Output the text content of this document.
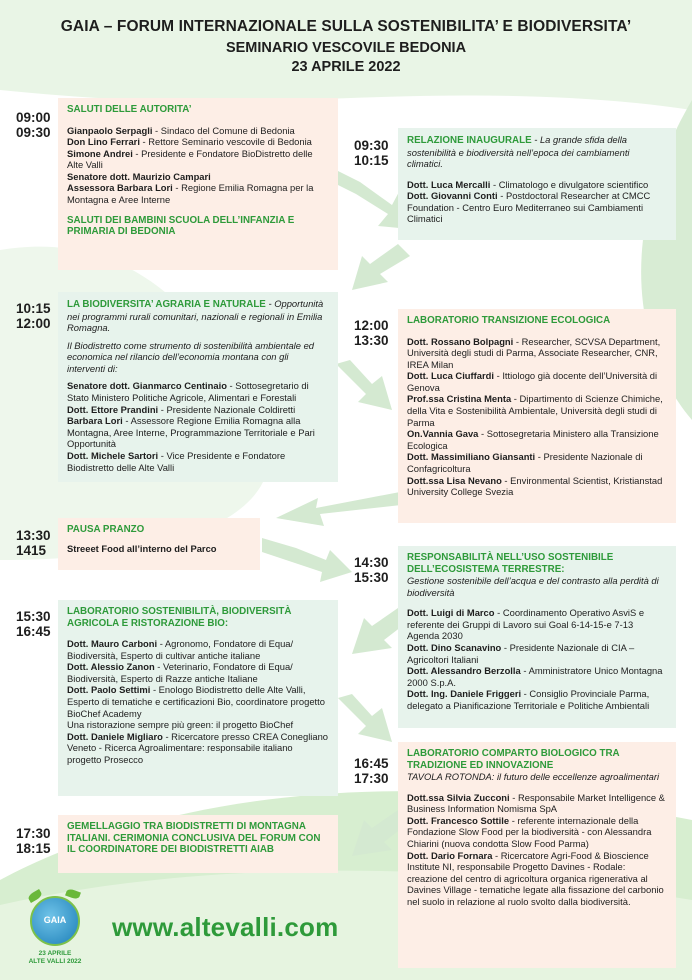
GAIA – FORUM INTERNAZIONALE SULLA SOSTENIBILITA’ E BIODIVERSITA’
SEMINARIO VESCOVILE BEDONIA
23 APRILE 2022
09:00
09:30
SALUTI DELLE AUTORITA’
Gianpaolo Serpagli - Sindaco del Comune di Bedonia
Don Lino Ferrari - Rettore Seminario vescovile di Bedonia
Simone Andrei - Presidente e Fondatore BioDistretto delle Alte Valli
Senatore dott. Maurizio Campari
Assessora Barbara Lori - Regione Emilia Romagna per la Montagna e Aree Interne
SALUTI DEI BAMBINI SCUOLA DELL’INFANZIA E PRIMARIA DI BEDONIA
09:30
10:15
RELAZIONE INAUGURALE - La grande sfida della sostenibilità e biodiversità nell’epoca dei cambiamenti climatici.
Dott. Luca Mercalli - Climatologo e divulgatore scientifico
Dott. Giovanni Conti - Postdoctoral Researcher at CMCC Foundation - Centro Euro Mediterraneo sui Cambiamenti Climatici
10:15
12:00
LA BIODIVERSITA’ AGRARIA E NATURALE - Opportunità nei programmi rurali comunitari, nazionali e regionali in Emilia Romagna.
Il Biodistretto come strumento di sostenibilità ambientale ed economica nel rilancio dell’economia montana con gli interventi di:
Senatore dott. Gianmarco Centinaio - Sottosegretario di Stato Ministero Politiche Agricole, Alimentari e Forestali
Dott. Ettore Prandini - Presidente Nazionale Coldiretti
Barbara Lori - Assessore Regione Emilia Romagna alla Montagna, Aree Interne, Programmazione Territoriale e Pari Opportunità
Dott. Michele Sartori - Vice Presidente e Fondatore Biodistretto delle Alte Valli
12:00
13:30
LABORATORIO TRANSIZIONE ECOLOGICA
Dott. Rossano Bolpagni - Researcher, SCVSA Department, Università degli studi di Parma, Associate Researcher, CNR, IREA Milan
Dott. Luca Ciuffardi - Ittiologo già docente dell’Università di Genova
Prof.ssa Cristina Menta - Dipartimento di Scienze Chimiche, della Vita e Sostenibilità Ambientale, Università degli studi di Parma
On.Vannia Gava - Sottosegretaria Ministero alla Transizione Ecologica
Dott. Massimiliano Giansanti - Presidente Nazionale di Confagricoltura
Dott.ssa Lisa Nevano - Environmental Scientist, Kristianstad University College Svezia
13:30
1415
PAUSA PRANZO
Streeet Food all’interno del Parco
14:30
15:30
RESPONSABILITÀ NELL’USO SOSTENIBILE DELL’ECOSISTEMA TERRESTRE:
Gestione sostenibile dell’acqua e del contrasto alla perdità di biodiversità
Dott. Luigi di Marco - Coordinamento Operativo AsviS e referente dei Gruppi di Lavoro sui Goal 6-14-15-e 7-13 Agenda 2030
Dott. Dino Scanavino - Presidente Nazionale di CIA – Agricoltori Italiani
Dott. Alessandro Berzolla - Amministratore Unico Montagna 2000 S.p.A.
Dott. Ing. Daniele Friggeri - Consiglio Provinciale Parma, delegato a Pianificazione Territoriale e Politiche Ambientali
15:30
16:45
LABORATORIO SOSTENIBILITÀ, BIODIVERSITÀ AGRICOLA E RISTORAZIONE BIO:
Dott. Mauro Carboni - Agronomo, Fondatore di Equa/ Biodiversità, Esperto di cultivar antiche italiane
Dott. Alessio Zanon - Veterinario, Fondatore di Equa/ Biodiversità, Esperto di Razze antiche Italiane
Dott. Paolo Settimi - Enologo Biodistretto delle Alte Valli, Esperto di tematiche e certificazioni Bio, coordinatore progetto BioChef Academy
Una ristorazione sempre più green: il progetto BioChef
Dott. Daniele Migliaro - Ricercatore presso CREA Conegliano Veneto - Ricerca Agroalimentare: responsabile italiano progetto Prosecco	16:45
17:30
LABORATORIO COMPARTO BIOLOGICO TRA TRADIZIONE ED INNOVAZIONE
TAVOLA ROTONDA: il futuro delle eccellenze agroalimentari
Dott.ssa Silvia Zucconi - Responsabile Market Intelligence & Business Information Nomisma SpA
Dott. Francesco Sottile - referente internazionale della Fondazione Slow Food per la biodiversità - con Alessandra Chiarini (nuova condotta Slow Food Parma)
Dott. Dario Fornara - Ricercatore Agri-Food & Bioscience Institute NI, responsabile Progetto Davines - Rodale: creazione del centro di agricoltura organica rigenerativa al Davines Village - tematiche legate alla fissazione del carbonio nel suolo in relazione al ruolo svolto dalla biodiversità.
17:30
18:15
GEMELLAGGIO TRA BIODISTRETTI DI MONTAGNA ITALIANI. CERIMONIA CONCLUSIVA DEL FORUM CON IL COORDINATORE DEI BIODISTRETTI AIAB
GAIA
23 APRILE
ALTE VALLI 2022
www.altevalli.com
